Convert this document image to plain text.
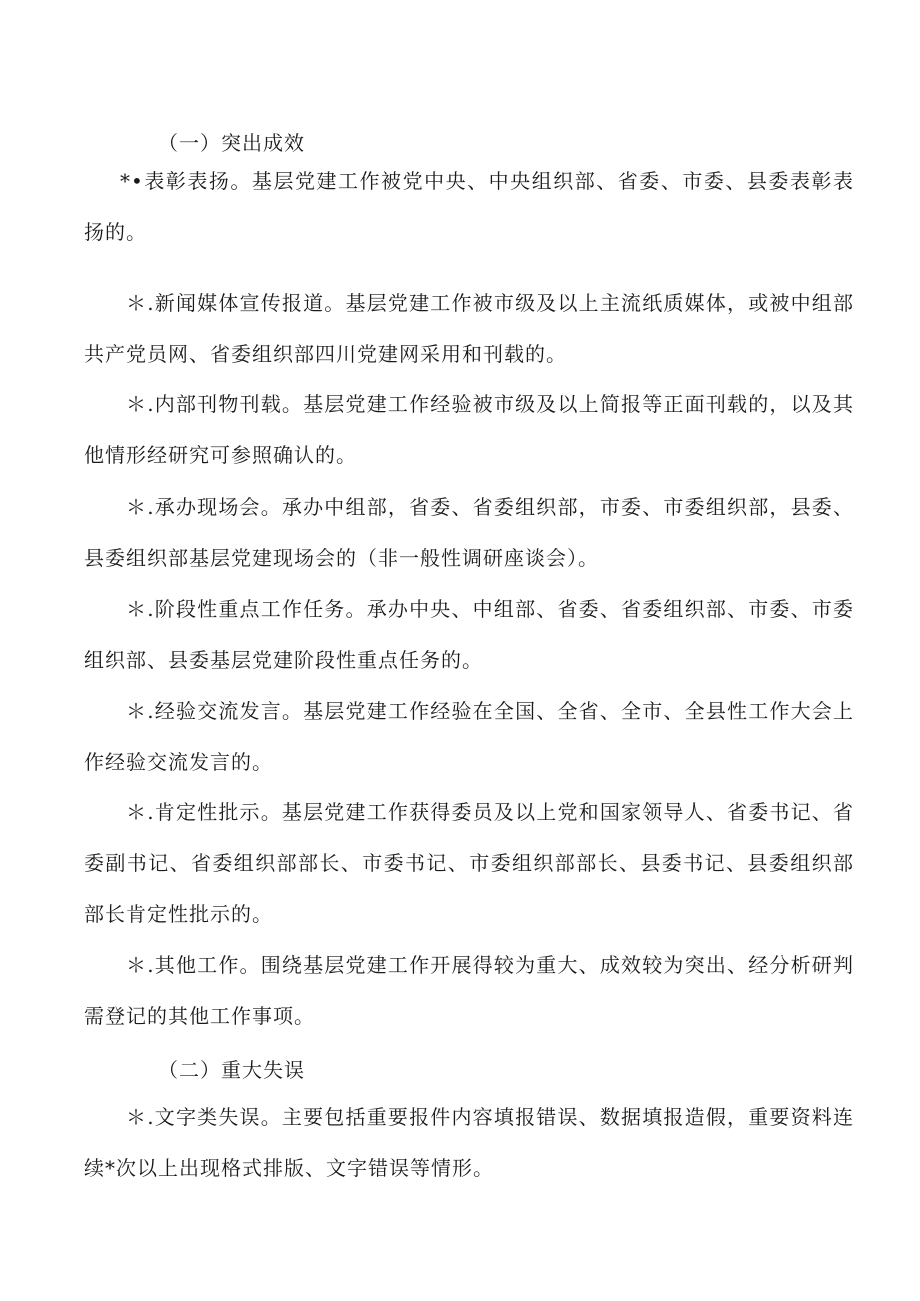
（一）突出成效

*•表彰表扬。基层党建工作被党中央、中央组织部、省委、市委、县委表彰表扬的。

＊.新闻媒体宣传报道。基层党建工作被市级及以上主流纸质媒体，或被中组部共产党员网、省委组织部四川党建网采用和刊载的。

＊.内部刊物刊载。基层党建工作经验被市级及以上简报等正面刊载的，以及其他情形经研究可参照确认的。

＊.承办现场会。承办中组部，省委、省委组织部，市委、市委组织部，县委、县委组织部基层党建现场会的（非一般性调研座谈会）。

＊.阶段性重点工作任务。承办中央、中组部、省委、省委组织部、市委、市委组织部、县委基层党建阶段性重点任务的。

＊.经验交流发言。基层党建工作经验在全国、全省、全市、全县性工作大会上作经验交流发言的。

＊.肯定性批示。基层党建工作获得委员及以上党和国家领导人、省委书记、省委副书记、省委组织部部长、市委书记、市委组织部部长、县委书记、县委组织部部长肯定性批示的。

＊.其他工作。围绕基层党建工作开展得较为重大、成效较为突出、经分析研判需登记的其他工作事项。

（二）重大失误

＊.文字类失误。主要包括重要报件内容填报错误、数据填报造假，重要资料连续*次以上出现格式排版、文字错误等情形。
